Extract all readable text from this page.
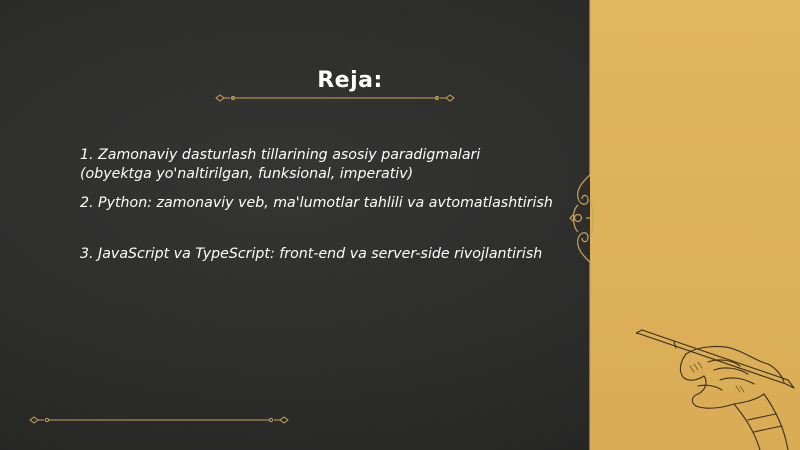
Reja:
1. Zamonaviy dasturlash tillarining asosiy paradigmalari
(obyektga yo'naltirilgan, funksional, imperativ)
2. Python: zamonaviy veb, ma'lumotlar tahlili va avtomatlashtirish
3. JavaScript va TypeScript: front-end va server-side rivojlantirish
